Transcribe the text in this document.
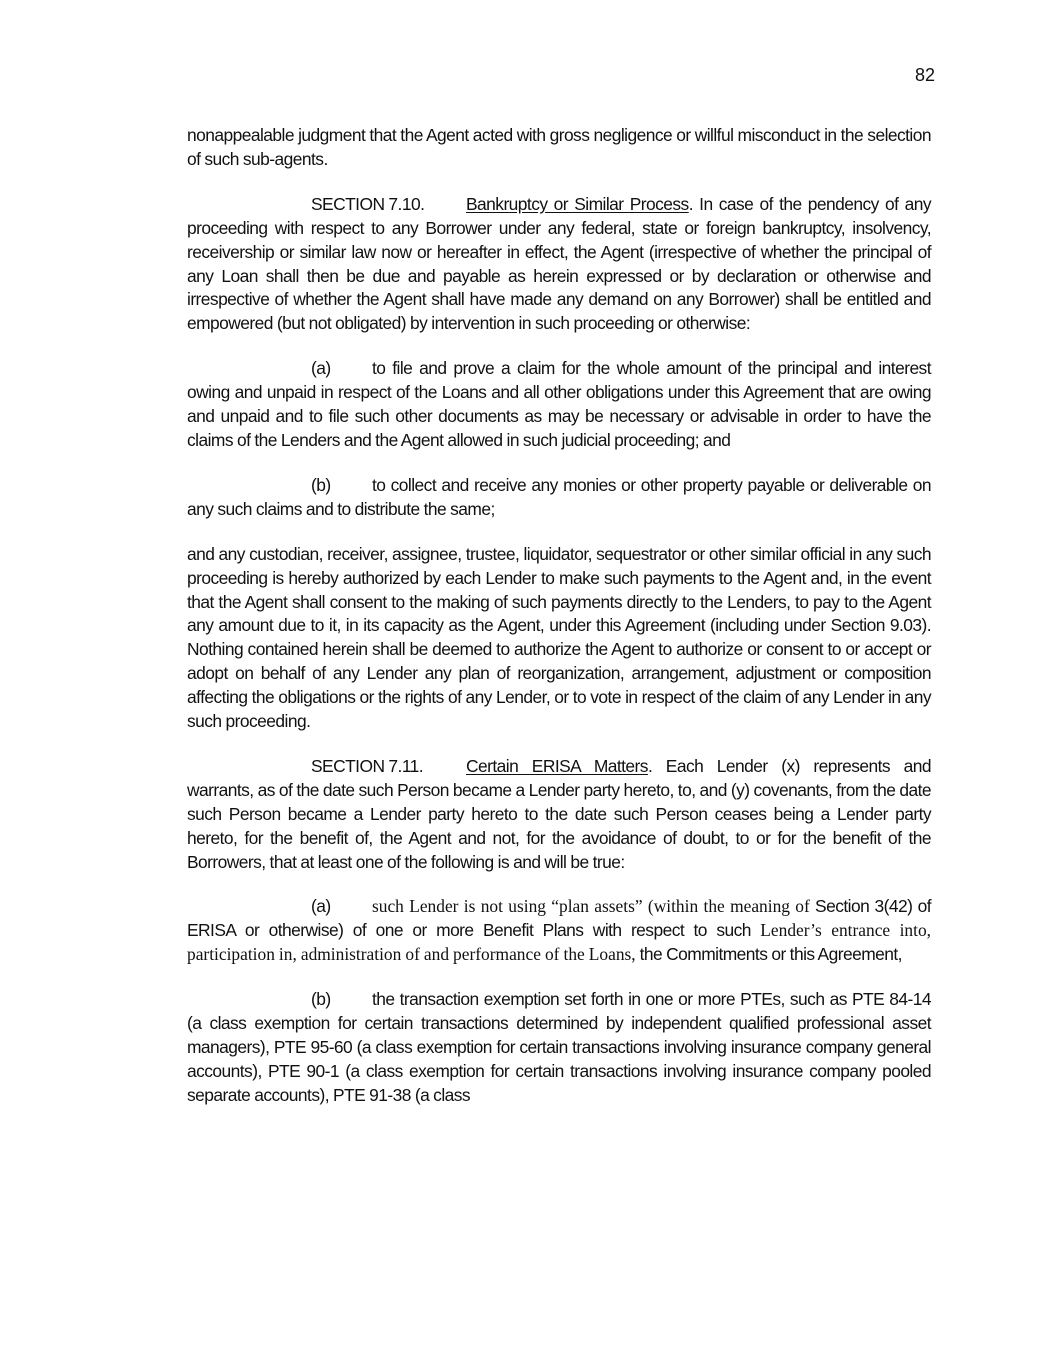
82

nonappealable judgment that the Agent acted with gross negligence or willful misconduct in the selection of such sub-agents.

SECTION 7.10. Bankruptcy or Similar Process. In case of the pendency of any proceeding with respect to any Borrower under any federal, state or foreign bankruptcy, insolvency, receivership or similar law now or hereafter in effect, the Agent (irrespective of whether the principal of any Loan shall then be due and payable as herein expressed or by declaration or otherwise and irrespective of whether the Agent shall have made any demand on any Borrower) shall be entitled and empowered (but not obligated) by intervention in such proceeding or otherwise:

(a) to file and prove a claim for the whole amount of the principal and interest owing and unpaid in respect of the Loans and all other obligations under this Agreement that are owing and unpaid and to file such other documents as may be necessary or advisable in order to have the claims of the Lenders and the Agent allowed in such judicial proceeding; and

(b) to collect and receive any monies or other property payable or deliverable on any such claims and to distribute the same;

and any custodian, receiver, assignee, trustee, liquidator, sequestrator or other similar official in any such proceeding is hereby authorized by each Lender to make such payments to the Agent and, in the event that the Agent shall consent to the making of such payments directly to the Lenders, to pay to the Agent any amount due to it, in its capacity as the Agent, under this Agreement (including under Section 9.03). Nothing contained herein shall be deemed to authorize the Agent to authorize or consent to or accept or adopt on behalf of any Lender any plan of reorganization, arrangement, adjustment or composition affecting the obligations or the rights of any Lender, or to vote in respect of the claim of any Lender in any such proceeding.

SECTION 7.11. Certain ERISA Matters. Each Lender (x) represents and warrants, as of the date such Person became a Lender party hereto, to, and (y) covenants, from the date such Person became a Lender party hereto to the date such Person ceases being a Lender party hereto, for the benefit of, the Agent and not, for the avoidance of doubt, to or for the benefit of the Borrowers, that at least one of the following is and will be true:

(a) such Lender is not using “plan assets” (within the meaning of Section 3(42) of ERISA or otherwise) of one or more Benefit Plans with respect to such Lender’s entrance into, participation in, administration of and performance of the Loans, the Commitments or this Agreement,

(b) the transaction exemption set forth in one or more PTEs, such as PTE 84-14 (a class exemption for certain transactions determined by independent qualified professional asset managers), PTE 95-60 (a class exemption for certain transactions involving insurance company general accounts), PTE 90-1 (a class exemption for certain transactions involving insurance company pooled separate accounts), PTE 91-38 (a class
